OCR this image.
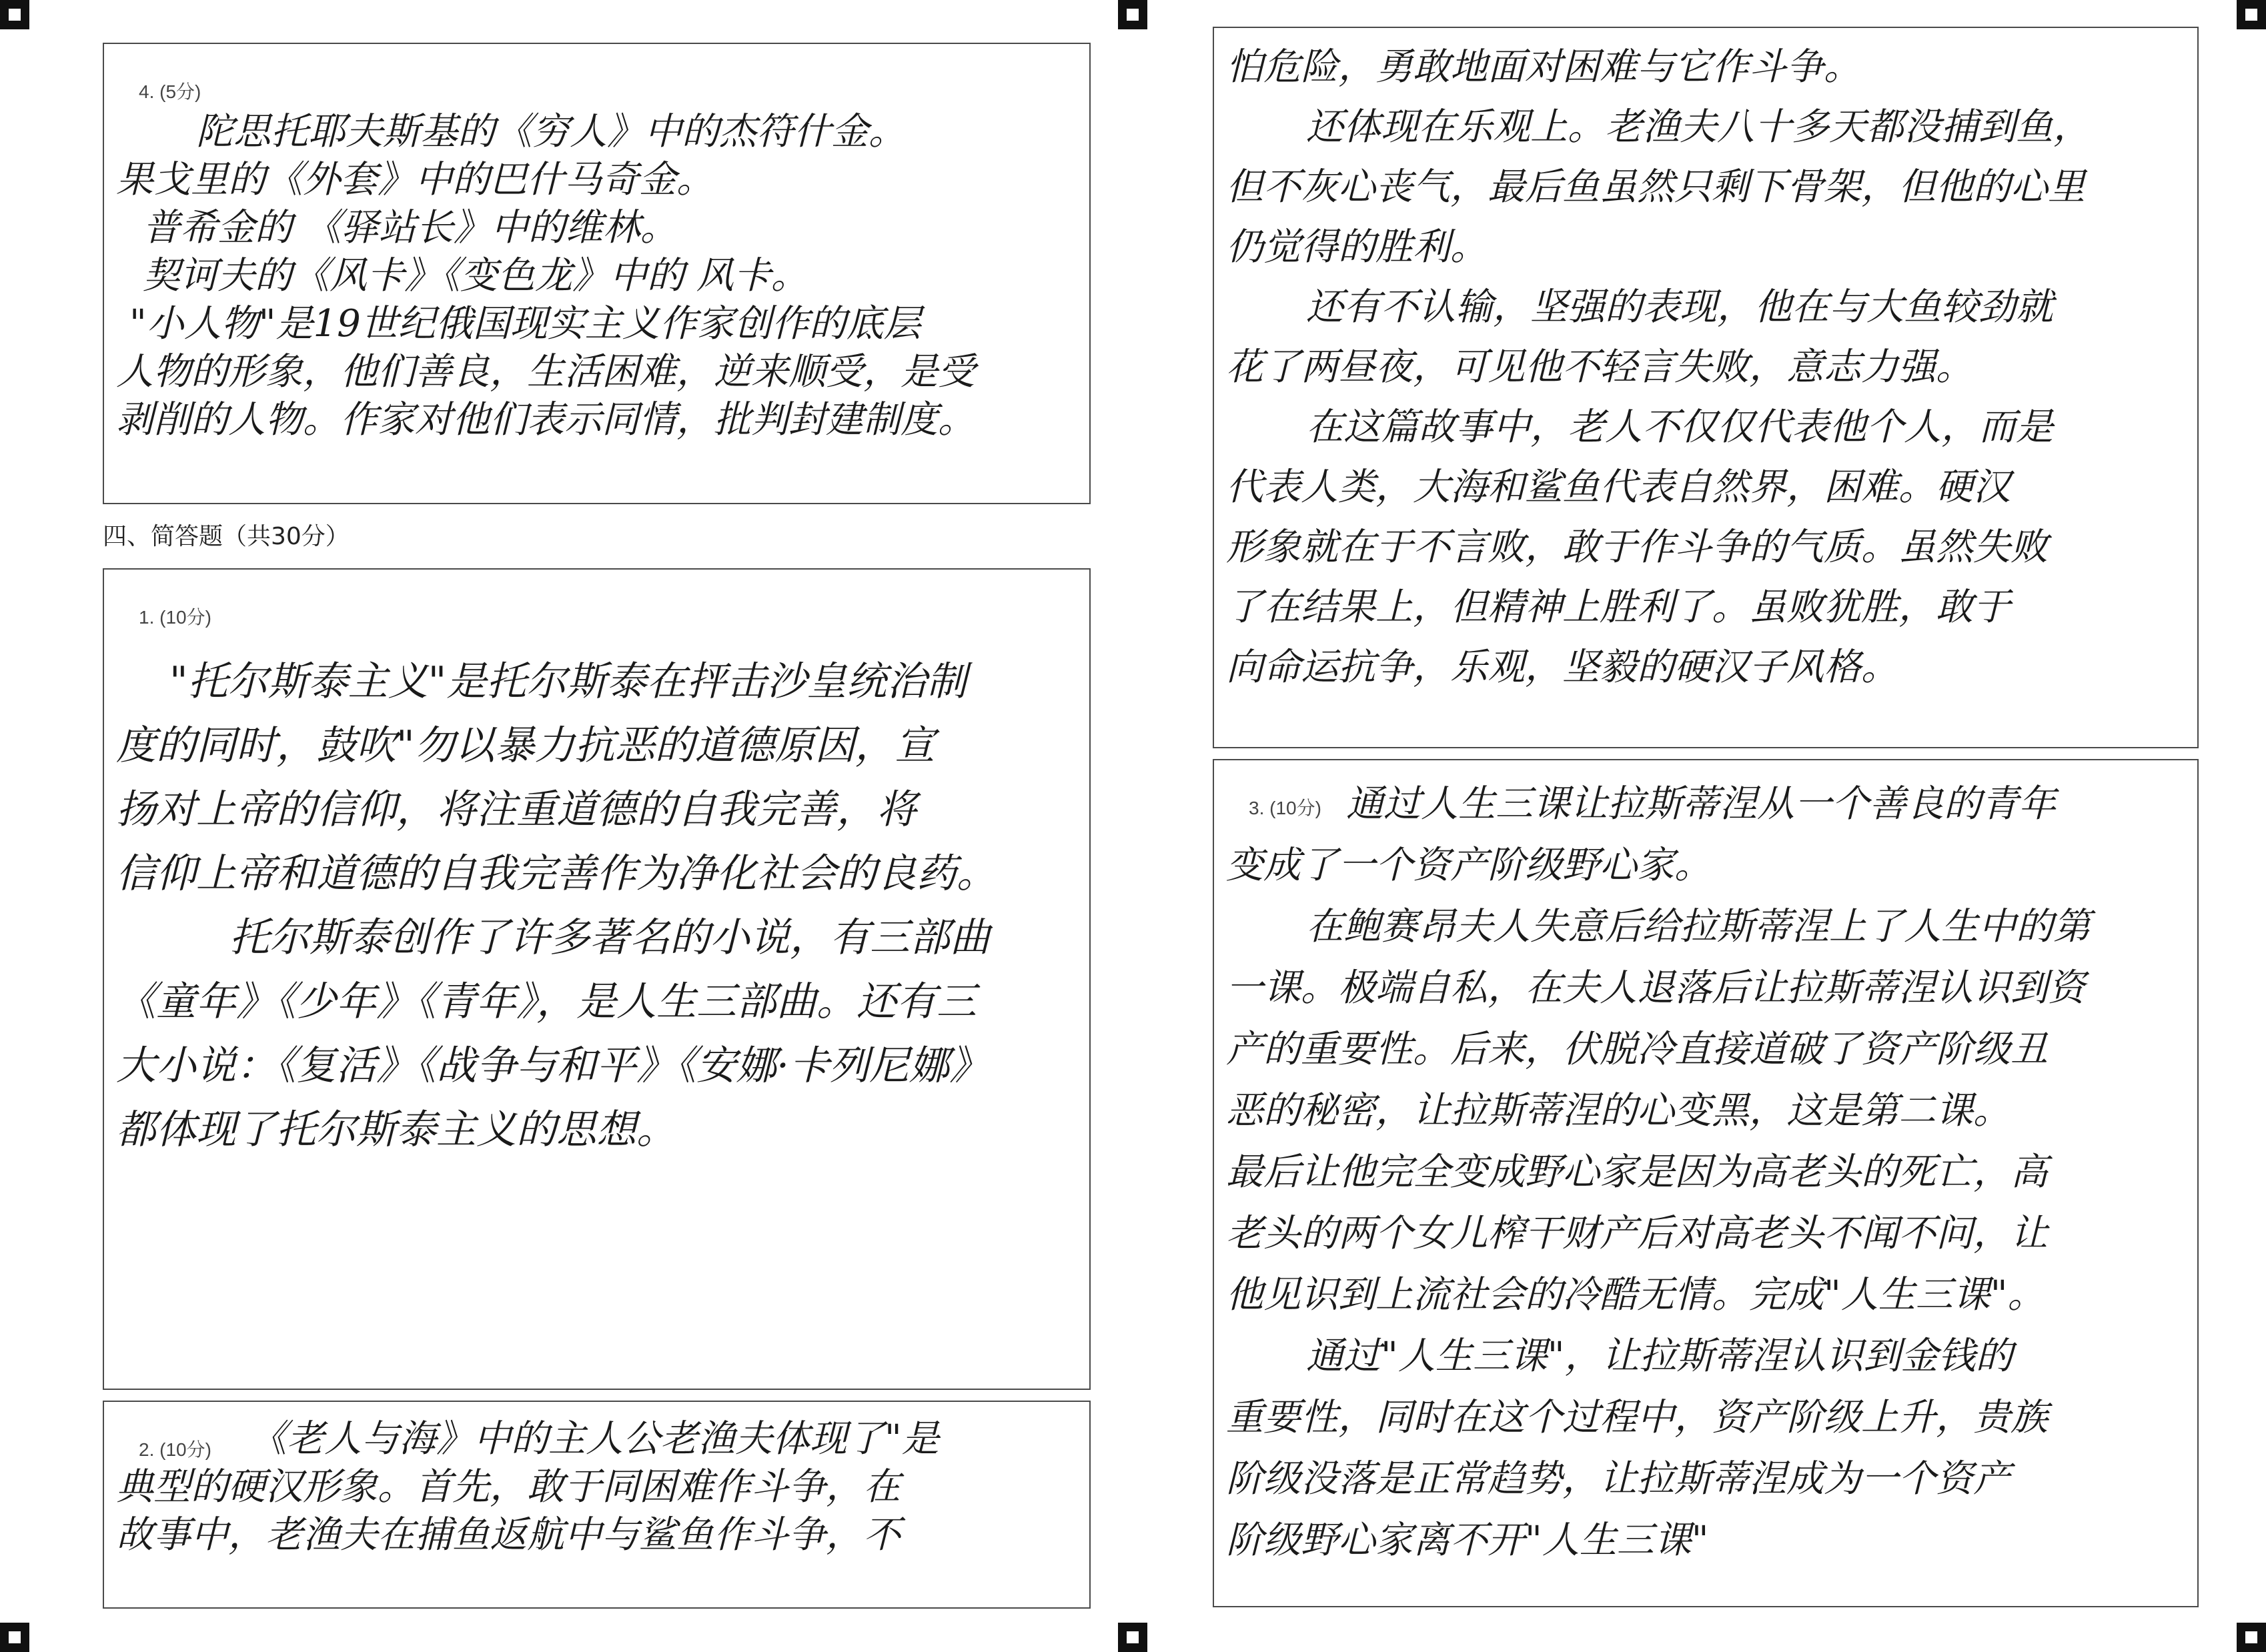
4. (5分)
陀思托耶夫斯基的《穷人》中的杰符什金。
果戈里的《外套》中的巴什马奇金。
普希金的 《驿站长》中的维林。
契诃夫的《风卡》《变色龙》中的 风卡。
"小人物"是19世纪俄国现实主义作家创作的底层
人物的形象，他们善良，生活困难，逆来顺受，是受
剥削的人物。作家对他们表示同情，批判封建制度。
四、简答题（共30分）
1. (10分)
"托尔斯泰主义"是托尔斯泰在抨击沙皇统治制
度的同时，鼓吹"勿以暴力抗恶的道德原因，宣
扬对上帝的信仰，将注重道德的自我完善，将
信仰上帝和道德的自我完善作为净化社会的良药。
托尔斯泰创作了许多著名的小说，有三部曲
《童年》《少年》《青年》，是人生三部曲。还有三
大小说：《复活》《战争与和平》《安娜·卡列尼娜》
都体现了托尔斯泰主义的思想。
2. (10分)	《老人与海》中的主人公老渔夫体现了"是
典型的硬汉形象。首先，敢于同困难作斗争，在
故事中，老渔夫在捕鱼返航中与鲨鱼作斗争，不
怕危险，勇敢地面对困难与它作斗争。
还体现在乐观上。老渔夫八十多天都没捕到鱼，
但不灰心丧气，最后鱼虽然只剩下骨架，但他的心里
仍觉得的胜利。
还有不认输，坚强的表现，他在与大鱼较劲就
花了两昼夜，可见他不轻言失败，意志力强。
在这篇故事中，老人不仅仅代表他个人，而是
代表人类，大海和鲨鱼代表自然界，困难。硬汉
形象就在于不言败，敢于作斗争的气质。虽然失败
了在结果上，但精神上胜利了。虽败犹胜，敢于
向命运抗争，乐观，坚毅的硬汉子风格。
3. (10分) 通过人生三课让拉斯蒂涅从一个善良的青年
变成了一个资产阶级野心家。
在鲍赛昂夫人失意后给拉斯蒂涅上了人生中的第
一课。极端自私，在夫人退落后让拉斯蒂涅认识到资
产的重要性。后来，伏脱冷直接道破了资产阶级丑
恶的秘密，让拉斯蒂涅的心变黑，这是第二课。
最后让他完全变成野心家是因为高老头的死亡，高
老头的两个女儿榨干财产后对高老头不闻不问，让
他见识到上流社会的冷酷无情。完成"人生三课"。
通过"人生三课"，让拉斯蒂涅认识到金钱的
重要性，同时在这个过程中，资产阶级上升，贵族
阶级没落是正常趋势，让拉斯蒂涅成为一个资产
阶级野心家离不开"人生三课"
